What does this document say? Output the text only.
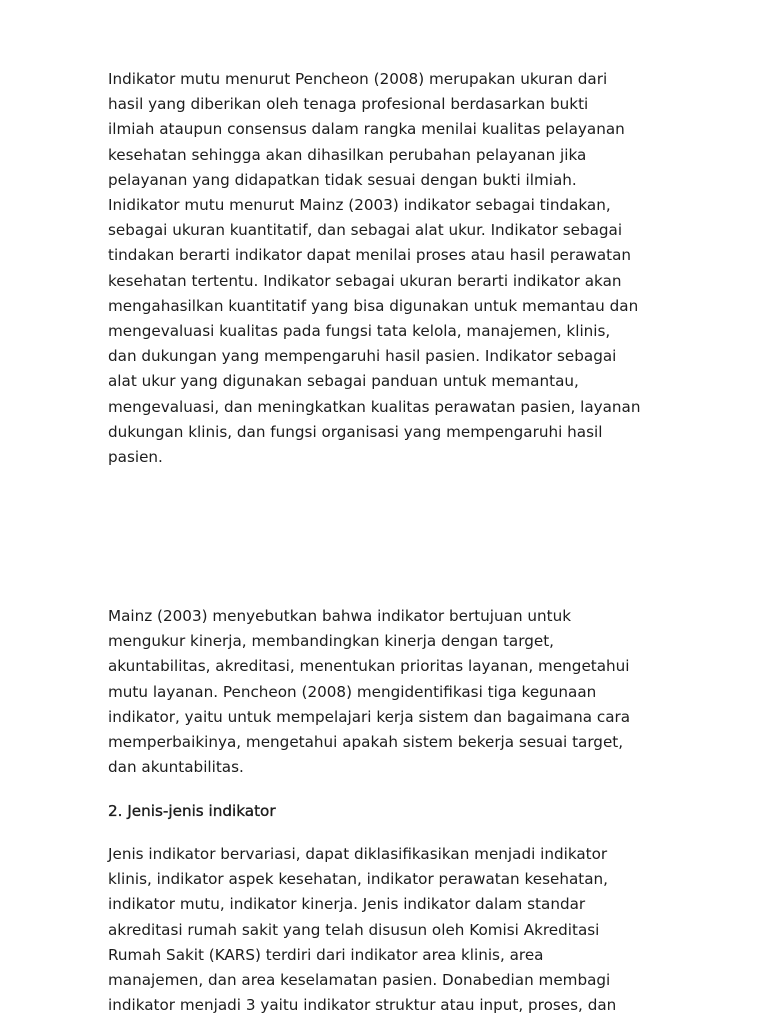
Indikator mutu menurut Pencheon (2008) merupakan ukuran dari
hasil yang diberikan oleh tenaga profesional berdasarkan bukti
ilmiah ataupun consensus dalam rangka menilai kualitas pelayanan
kesehatan sehingga akan dihasilkan perubahan pelayanan jika
pelayanan yang didapatkan tidak sesuai dengan bukti ilmiah.
Inidikator mutu menurut Mainz (2003) indikator sebagai tindakan,
sebagai ukuran kuantitatif, dan sebagai alat ukur. Indikator sebagai
tindakan berarti indikator dapat menilai proses atau hasil perawatan
kesehatan tertentu. Indikator sebagai ukuran berarti indikator akan
mengahasilkan kuantitatif yang bisa digunakan untuk memantau dan
mengevaluasi kualitas pada fungsi tata kelola, manajemen, klinis,
dan dukungan yang mempengaruhi hasil pasien. Indikator sebagai
alat ukur yang digunakan sebagai panduan untuk memantau,
mengevaluasi, dan meningkatkan kualitas perawatan pasien, layanan
dukungan klinis, dan fungsi organisasi yang mempengaruhi hasil
pasien.

Mainz (2003) menyebutkan bahwa indikator bertujuan untuk
mengukur kinerja, membandingkan kinerja dengan target,
akuntabilitas, akreditasi, menentukan prioritas layanan, mengetahui
mutu layanan. Pencheon (2008) mengidentifikasi tiga kegunaan
indikator, yaitu untuk mempelajari kerja sistem dan bagaimana cara
memperbaikinya, mengetahui apakah sistem bekerja sesuai target,
dan akuntabilitas.

2. Jenis-jenis indikator

Jenis indikator bervariasi, dapat diklasifikasikan menjadi indikator
klinis, indikator aspek kesehatan, indikator perawatan kesehatan,
indikator mutu, indikator kinerja. Jenis indikator dalam standar
akreditasi rumah sakit yang telah disusun oleh Komisi Akreditasi
Rumah Sakit (KARS) terdiri dari indikator area klinis, area
manajemen, dan area keselamatan pasien. Donabedian membagi
indikator menjadi 3 yaitu indikator struktur atau input, proses, dan
